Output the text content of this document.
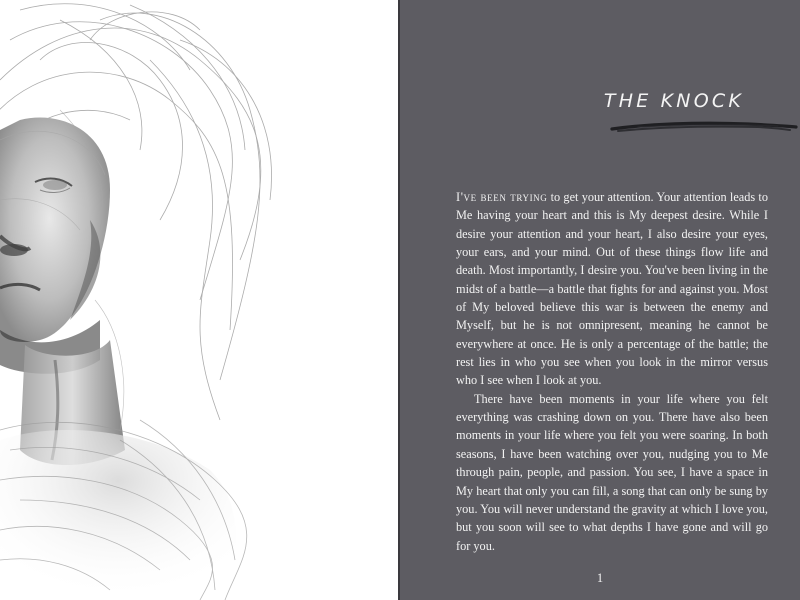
THE KNOCK

I've been trying to get your attention. Your attention leads to Me having your heart and this is My deepest desire. While I desire your attention and your heart, I also desire your eyes, your ears, and your mind. Out of these things flow life and death. Most importantly, I desire you. You've been living in the midst of a battle—a battle that fights for and against you. Most of My beloved believe this war is between the enemy and Myself, but he is not omnipresent, meaning he cannot be everywhere at once. He is only a percentage of the battle; the rest lies in who you see when you look in the mirror versus who I see when I look at you.

There have been moments in your life where you felt everything was crashing down on you. There have also been moments in your life where you felt you were soaring. In both seasons, I have been watching over you, nudging you to Me through pain, people, and passion. You see, I have a space in My heart that only you can fill, a song that can only be sung by you. You will never understand the gravity at which I love you, but you soon will see to what depths I have gone and will go for you.

1
